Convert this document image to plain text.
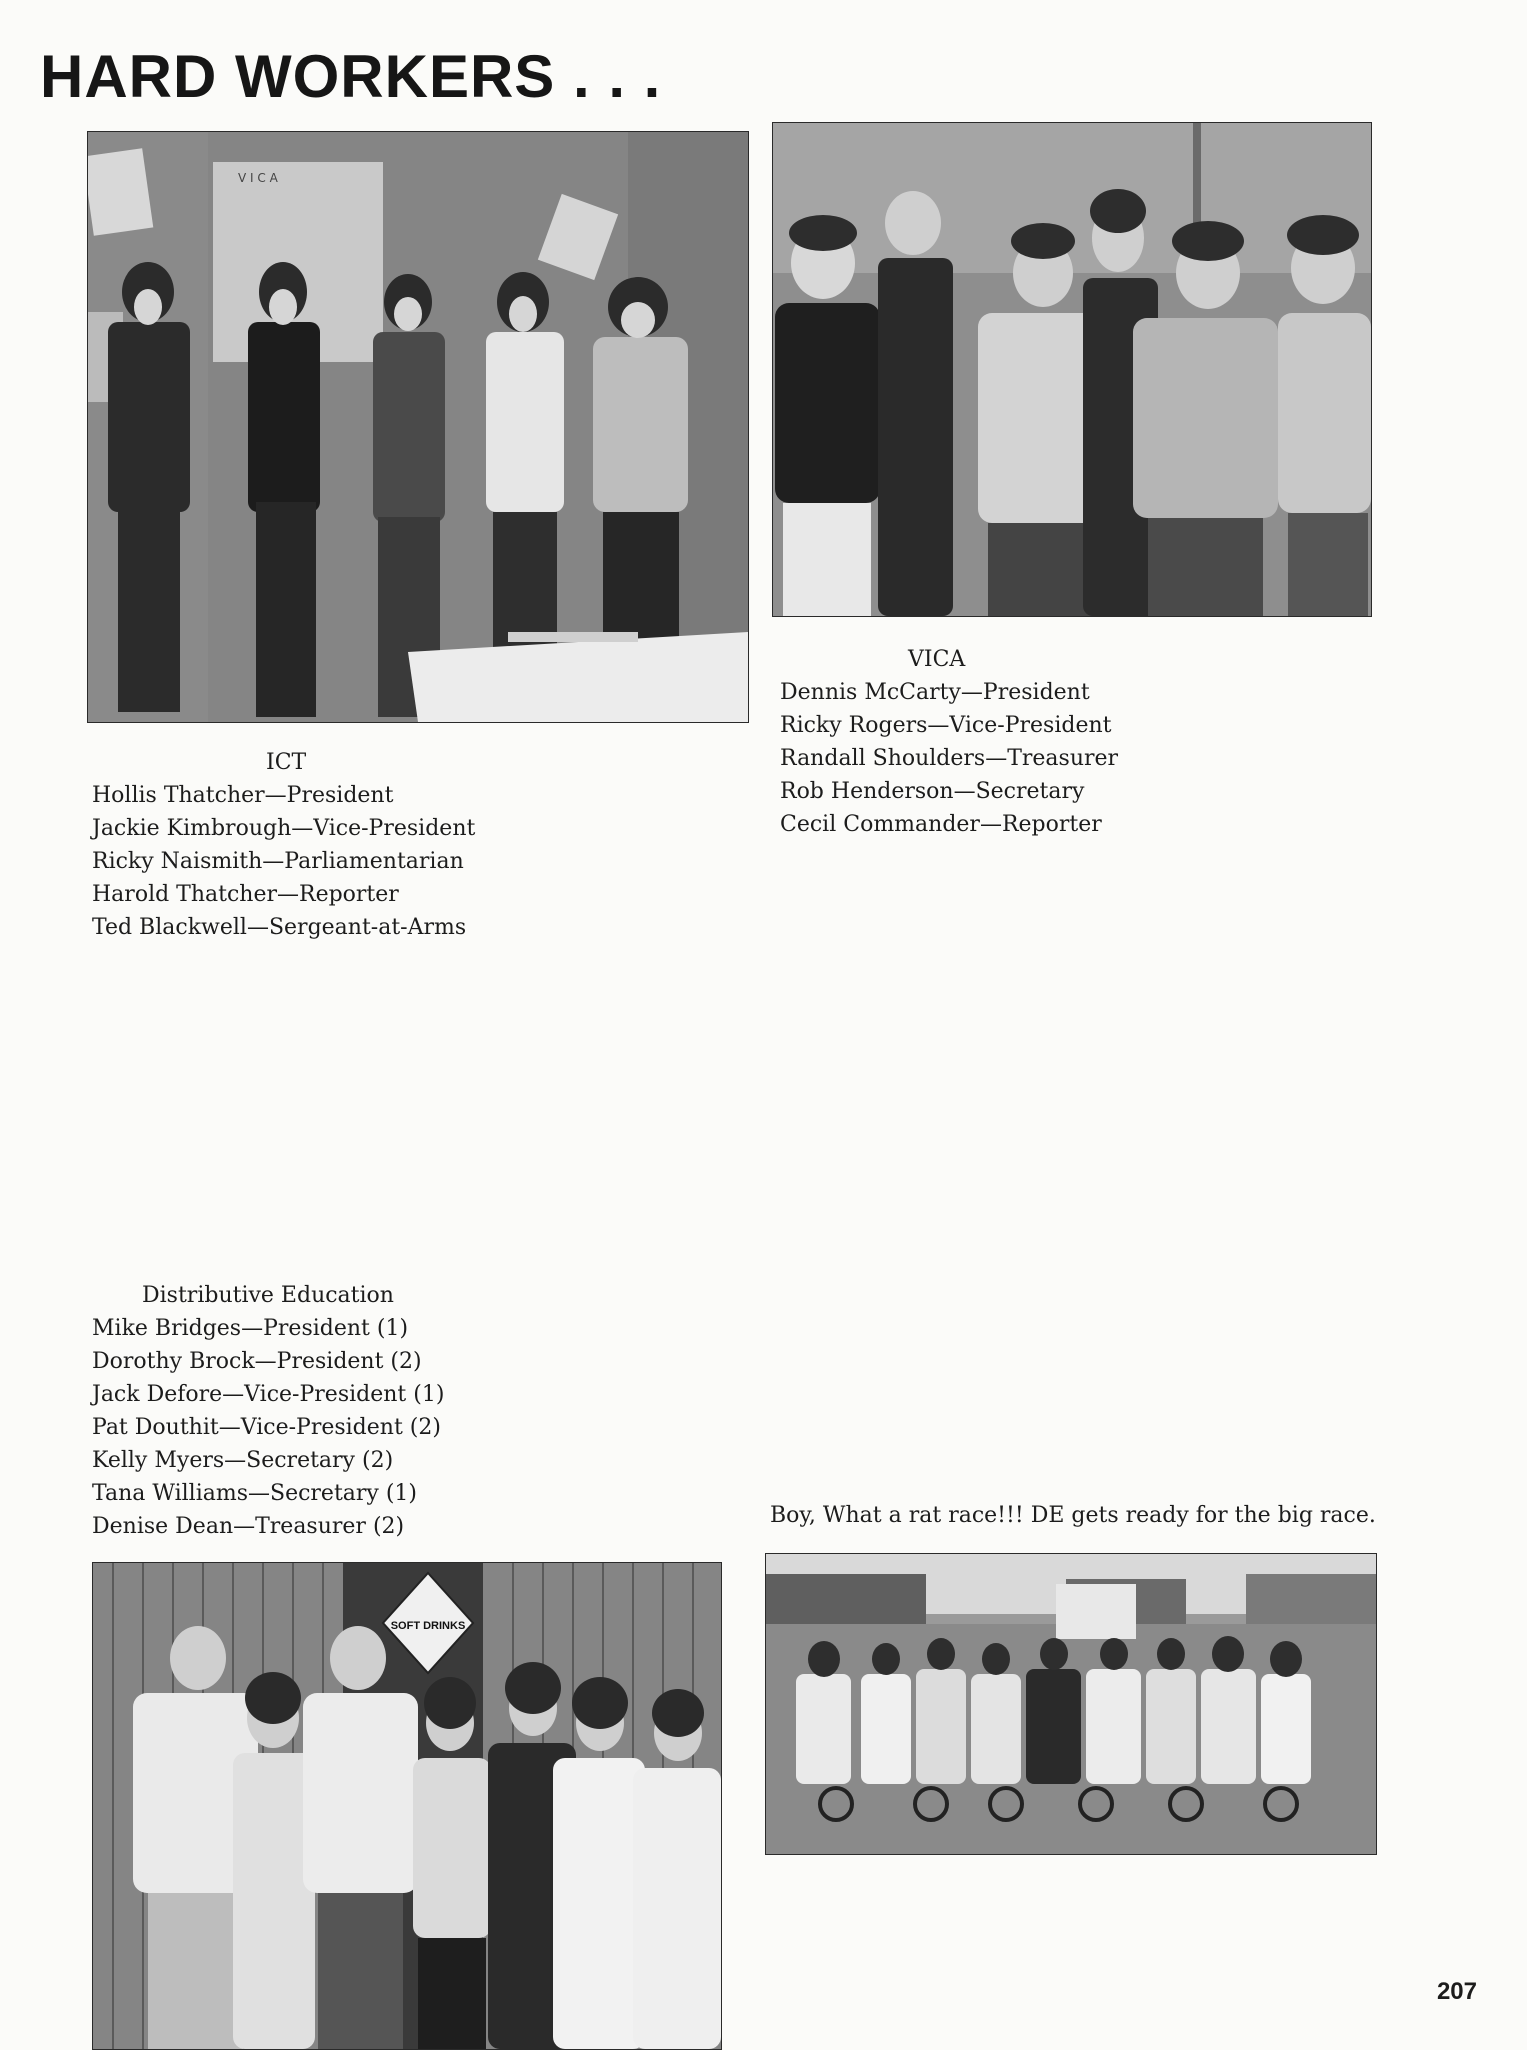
HARD WORKERS . . .
V I C A
ICT
Hollis Thatcher—President
Jackie Kimbrough—Vice-President
Ricky Naismith—Parliamentarian
Harold Thatcher—Reporter
Ted Blackwell—Sergeant-at-Arms
VICA
Dennis McCarty—President
Ricky Rogers—Vice-President
Randall Shoulders—Treasurer
Rob Henderson—Secretary
Cecil Commander—Reporter
Distributive Education
Mike Bridges—President (1)
Dorothy Brock—President (2)
Jack Defore—Vice-President (1)
Pat Douthit—Vice-President (2)
Kelly Myers—Secretary (2)
Tana Williams—Secretary (1)
Denise Dean—Treasurer (2)	Boy, What a rat race!!! DE gets ready for the big race.
SOFT DRINKS
207
